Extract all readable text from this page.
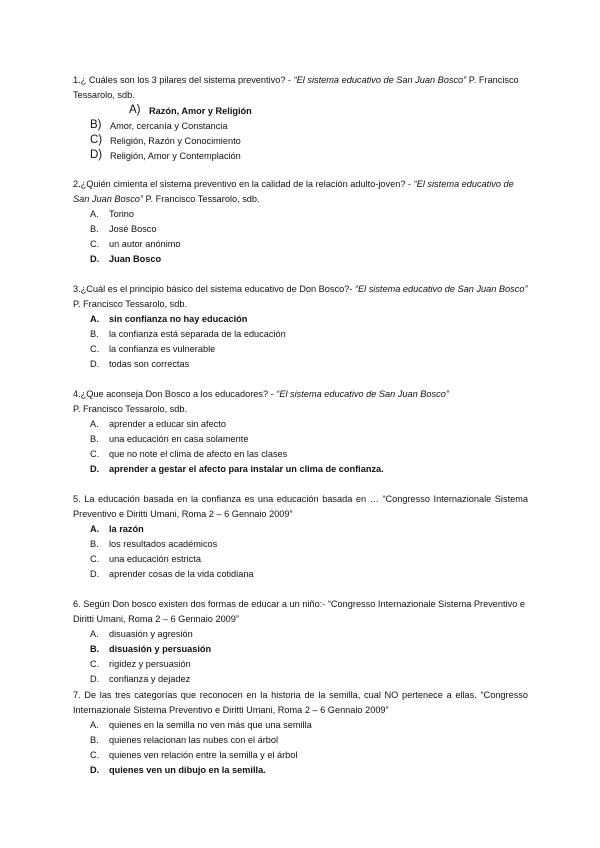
1.¿ Cuáles son los 3 pilares del sistema preventivo? - “El sistema educativo de San Juan Bosco” P. Francisco Tessarolo, sdb.

A) Razón, Amor y Religión
B) Amor, cercanía y Constancia
C) Religión, Razón y Conocimiento
D) Religión, Amor y Contemplación

2.¿Quién cimienta el sistema preventivo en la calidad de la relación adulto-joven? - “El sistema educativo de San Juan Bosco” P. Francisco Tessarolo, sdb.

A. Torino
B. José Bosco
C. un autor anónimo
D. Juan Bosco

3.¿Cuál es el principio básico del sistema educativo de Don Bosco?- “El sistema educativo de San Juan Bosco” P. Francisco Tessarolo, sdb.

A. sin confianza no hay educación
B. la confianza está separada de la educación
C. la confianza es vulnerable
D. todas son correctas

4.¿Que aconseja Don Bosco a los educadores? - “El sistema educativo de San Juan Bosco”
P. Francisco Tessarolo, sdb.

A. aprender a educar sin afecto
B. una educación en casa solamente
C. que no note el clima de afecto en las clases
D. aprender a gestar el afecto para instalar un clima de confianza.

5. La educación basada en la confianza es una educación basada en … “Congresso Internazionale Sistema Preventivo e Diritti Umani, Roma 2 – 6 Gennaio 2009”

A. la razón
B. los resultados académicos
C. una educación estricta
D. aprender cosas de la vida cotidiana

6. Según Don bosco existen dos formas de educar a un niño:- “Congresso Internazionale Sistema Preventivo e Diritti Umani, Roma 2 – 6 Gennaio 2009”

A. disuasión y agresión
B. disuasión y persuasión
C. rigidez y persuasión
D. confianza y dejadez

7. De las tres categorías que reconocen en la historia de la semilla, cual NO pertenece a ellas. “Congresso Internazionale Sistema Preventivo e Diritti Umani, Roma 2 – 6 Gennaio 2009”

A. quienes en la semilla no ven más que una semilla
B. quienes relacionan las nubes con el árbol
C. quienes ven relación entre la semilla y el árbol
D. quienes ven un dibujo en la semilla.
